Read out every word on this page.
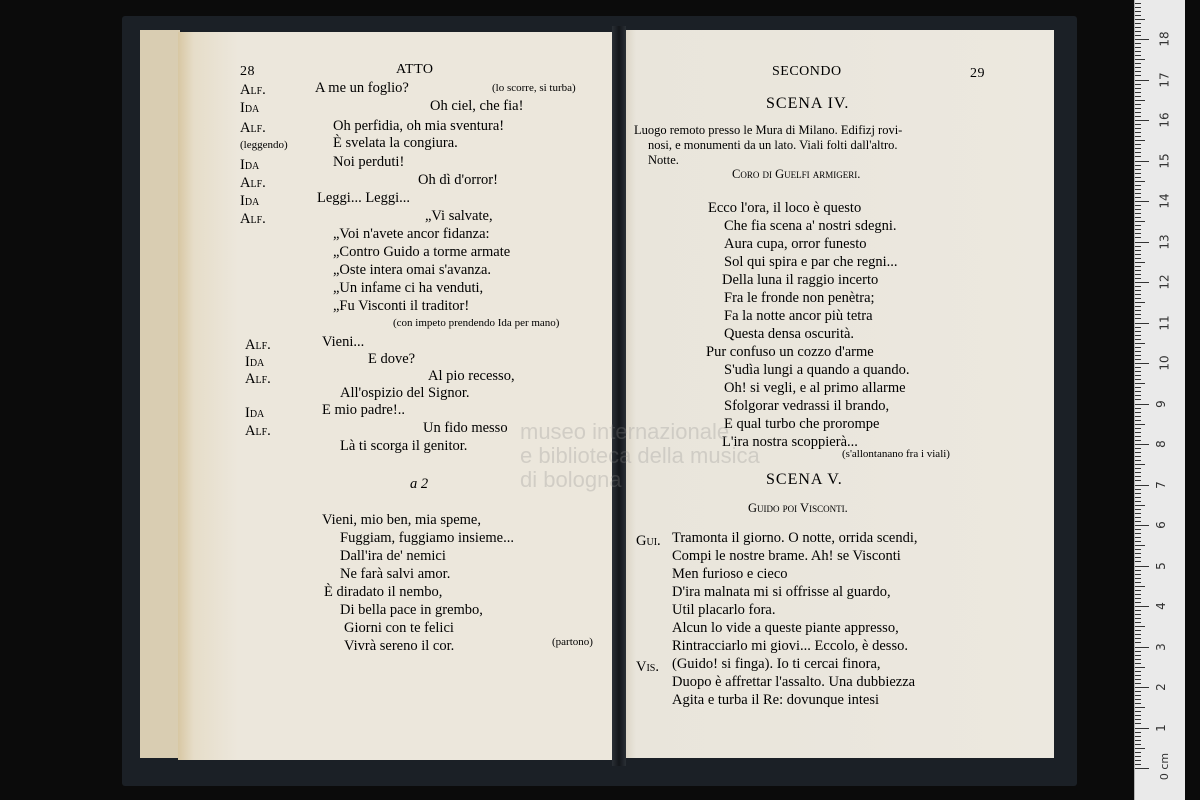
28	ATTO
Alf.	A me un foglio?	(lo scorre, si turba)
Ida	Oh ciel, che fia!
Alf.	Oh perfidia, oh mia sventura!
(leggendo)	È svelata la congiura.
Ida	Noi perduti!
Alf.	Oh dì d'orror!
Ida	Leggi... Leggi...
Alf.	„Vi salvate,
„Voi n'avete ancor fidanza:
„Contro Guido a torme armate
„Oste intera omai s'avanza.
„Un infame ci ha venduti,
„Fu Visconti il traditor!
(con impeto prendendo Ida per mano)
Alf.	Vieni...
Ida	E dove?
Alf.	Al pio recesso,
All'ospizio del Signor.
Ida	E mio padre!..
Alf.	Un fido messo
Là ti scorga il genitor.
a 2
Vieni, mio ben, mia speme,
Fuggiam, fuggiamo insieme...
Dall'ira de' nemici
Ne farà salvi amor.
È diradato il nembo,
Di bella pace in grembo,
Giorni con te felici
Vivrà sereno il cor.	(partono)
SECONDO	29
SCENA IV.
Luogo remoto presso le Mura di Milano. Edifizj rovi-
nosi, e monumenti da un lato. Viali folti dall'altro.
Notte.
Coro di Guelfi armigeri.
Ecco l'ora, il loco è questo
Che fia scena a' nostri sdegni.
Aura cupa, orror funesto
Sol qui spira e par che regni...
Della luna il raggio incerto
Fra le fronde non penètra;
Fa la notte ancor più tetra
Questa densa oscurità.
Pur confuso un cozzo d'arme
S'udìa lungi a quando a quando.
Oh! si vegli, e al primo allarme
Sfolgorar vedrassi il brando,
E qual turbo che prorompe
L'ira nostra scoppierà...
(s'allontanano fra i viali)
SCENA V.
Guido poi Visconti.
Gui. Tramonta il giorno. O notte, orrida scendi,
Compi le nostre brame. Ah! se Visconti
Men furioso e cieco
D'ira malnata mi si offrisse al guardo,
Util placarlo fora.
Alcun lo vide a queste piante appresso,
Rintracciarlo mi giovi... Eccolo, è desso.
Vis. (Guido! si finga). Io ti cercai finora,
Duopo è affrettar l'assalto. Una dubbiezza
Agita e turba il Re: dovunque intesi
museo internazionale
e biblioteca della musica
di bologna
0 cm
18
17
16
15
14
13
12
11
10
9
8
7
6
5
4
3
2
1
